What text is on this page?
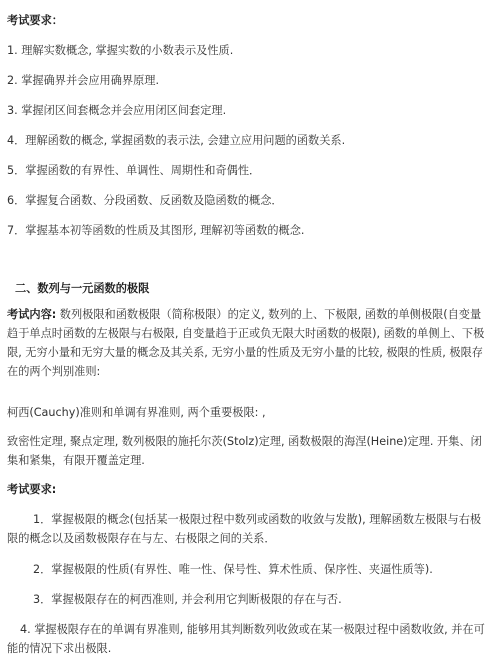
考试要求：
1. 理解实数概念, 掌握实数的小数表示及性质.
2. 掌握确界并会应用确界原理.
3. 掌握闭区间套概念并会应用闭区间套定理.
4．理解函数的概念, 掌握函数的表示法, 会建立应用问题的函数关系.
5．掌握函数的有界性、单调性、周期性和奇偶性．
6．掌握复合函数、分段函数、反函数及隐函数的概念．
7．掌握基本初等函数的性质及其图形, 理解初等函数的概念.
二、数列与一元函数的极限
考试内容: 数列极限和函数极限（简称极限）的定义, 数列的上、下极限, 函数的单侧极限(自变量趋于单点时函数的左极限与右极限, 自变量趋于正或负无限大时函数的极限), 函数的单侧上、下极限, 无穷小量和无穷大量的概念及其关系, 无穷小量的性质及无穷小量的比较, 极限的性质, 极限存在的两个判别准则:
柯西(Cauchy)准则和单调有界准则, 两个重要极限: ,
致密性定理, 聚点定理, 数列极限的施托尔茨(Stolz)定理, 函数极限的海涅(Heine)定理. 开集、闭集和紧集，有限开覆盖定理.
考试要求:
1．掌握极限的概念(包括某一极限过程中数列或函数的收敛与发散), 理解函数左极限与右极限的概念以及函数极限存在与左、右极限之间的关系．
2．掌握极限的性质(有界性、唯一性、保号性、算术性质、保序性、夹逼性质等).
3．掌握极限存在的柯西准则, 并会利用它判断极限的存在与否.
4. 掌握极限存在的单调有界准则, 能够用其判断数列收敛或在某一极限过程中函数收敛, 并在可能的情况下求出极限.
